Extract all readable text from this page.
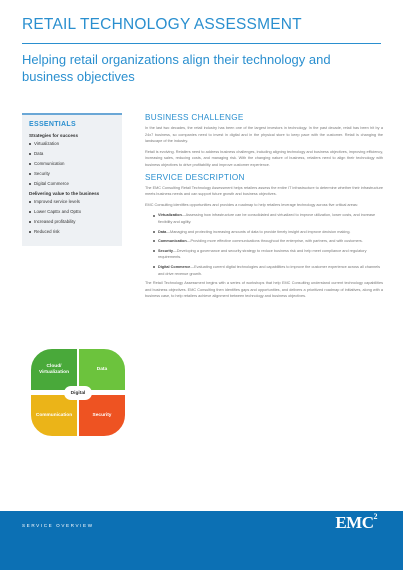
RETAIL TECHNOLOGY ASSESSMENT
Helping retail organizations align their technology and business objectives
ESSENTIALS
Strategies for success
Virtualization
Data
Communication
Security
Digital Commerce
Delivering value to the business
Improved service levels
Lower CapEx and OpEx
Increased profitability
Reduced risk
BUSINESS CHALLENGE

In the last two decades, the retail industry has been one of the largest investors in technology. In the past decade, retail has been hit by a 24x7 business, so companies need to invest in digital and in the physical store to keep pace with the customer. Retail is changing the landscape of the industry.

Retail is evolving. Retailers need to address business challenges, including aligning technology and business objectives, improving efficiency, increasing sales, reducing costs, and managing risk. With the changing nature of business, retailers need to align their technology with business objectives to drive profitability and improve customer experience.

SERVICE DESCRIPTION

The EMC Consulting Retail Technology Assessment helps retailers assess the entire IT infrastructure to determine whether their infrastructure meets business needs and can support future growth and business objectives.

EMC Consulting identifies opportunities and provides a roadmap to help retailers leverage technology across five critical areas:

Virtualization—Assessing how infrastructure can be consolidated and virtualized to improve utilization, lower costs, and increase flexibility and agility.
Data—Managing and protecting increasing amounts of data to provide timely insight and improve decision making.
Communication—Providing more effective communications throughout the enterprise, with partners, and with customers.
Security—Developing a governance and security strategy to reduce business risk and help meet compliance and regulatory requirements.
Digital Commerce—Evaluating current digital technologies and capabilities to improve the customer experience across all channels and drive revenue growth.

The Retail Technology Assessment begins with a series of workshops that help EMC Consulting understand current technology capabilities and business objectives. EMC Consulting then identifies gaps and opportunities, and delivers a prioritized roadmap of initiatives, along with a business case, to help retailers achieve alignment between technology and business objectives.

Cloud/ Virtualization
Data
Communication	Security
Digital
SERVICE OVERVIEW	EMC$^2$
